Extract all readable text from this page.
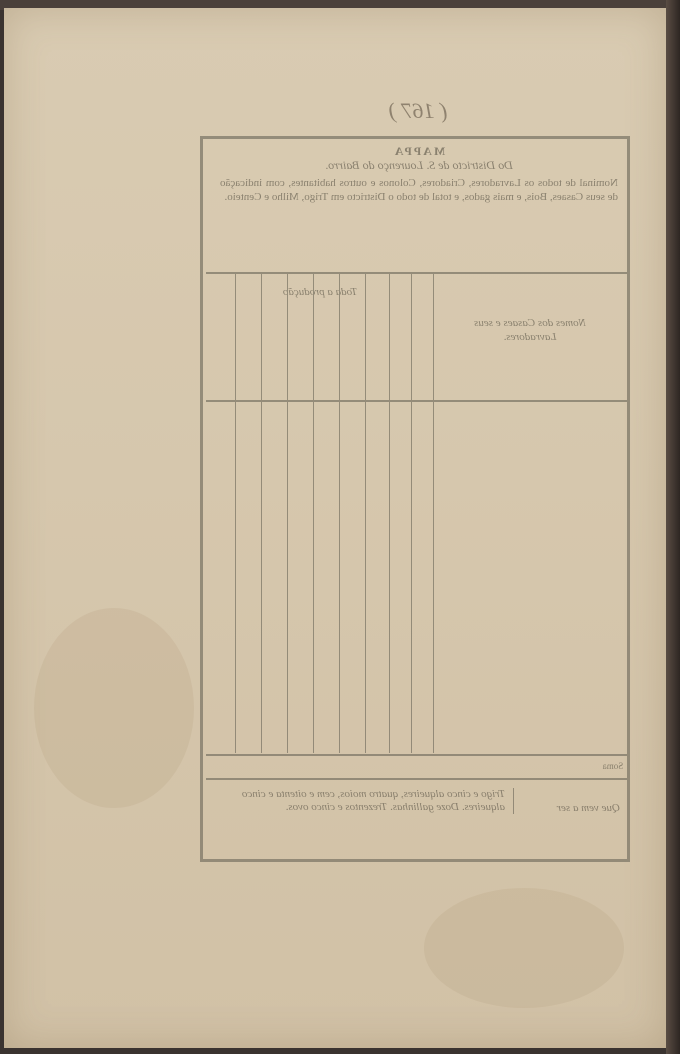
( 167 )
MAPPA
Do Districto de S. Lourenço do Bairro.
Nominal de todos os Lavradores, Criadores, Colonos e outros habitantes, com indicação de seus Casaes, Bois, e mais gados, e total de todo o Districto em Trigo, Milho e Centeio.
Nomes dos Casaes e seus Lavradores.
Toda a produção
Soma
Que vem a ser
Trigo e cinco alqueires, quatro moios, cem e oitenta e cinco alqueires. Doze gallinhas. Trezentos e cinco ovos.
